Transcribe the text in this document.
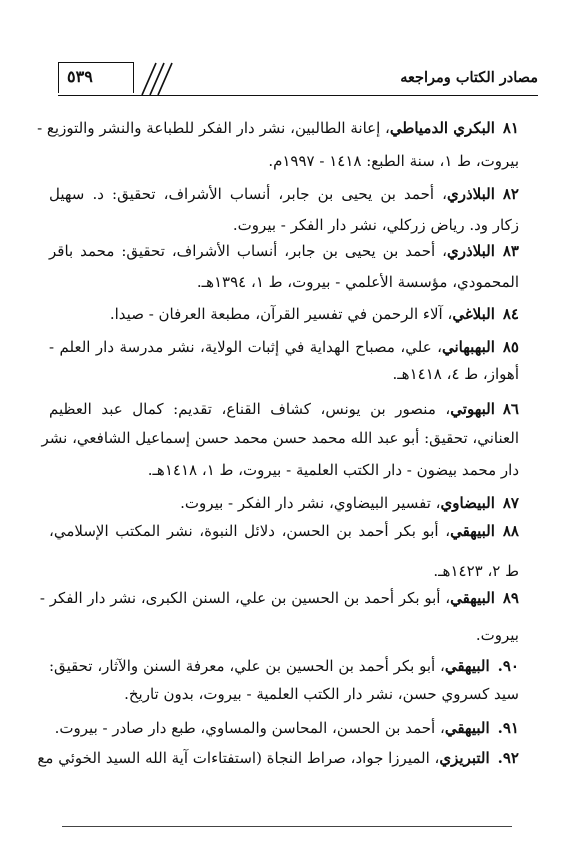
٥٣٩	مصادر الكتاب ومراجعه
٨١البكري الدمياطي، إعانة الطالبين، نشر دار الفكر للطباعة والنشر والتوزيع -
بيروت، ط ١، سنة الطبع: ١٤١٨ - ١٩٩٧م.
٨٢البلاذري، أحمد بن يحيى بن جابر، أنساب الأشراف، تحقيق: د. سهيل
زكار ود. رياض زركلي، نشر دار الفكر - بيروت.
٨٣البلاذري، أحمد بن يحيى بن جابر، أنساب الأشراف، تحقيق: محمد باقر
المحمودي، مؤسسة الأعلمي - بيروت، ط ١، ١٣٩٤هـ.
٨٤البلاغي، آلاء الرحمن في تفسير القرآن، مطبعة العرفان - صيدا.
٨٥البهبهاني، علي، مصباح الهداية في إثبات الولاية، نشر مدرسة دار العلم -
أهواز، ط ٤، ١٤١٨هـ.
٨٦البهوتي، منصور بن يونس، كشاف القناع، تقديم: كمال عبد العظيم
العناني، تحقيق: أبو عبد الله محمد حسن محمد حسن إسماعيل الشافعي، نشر
دار محمد بيضون - دار الكتب العلمية - بيروت، ط ١، ١٤١٨هـ.
٨٧البيضاوي، تفسير البيضاوي، نشر دار الفكر - بيروت.
٨٨البيهقي، أبو بكر أحمد بن الحسن، دلائل النبوة، نشر المكتب الإسلامي،
ط ٢، ١٤٢٣هـ.
٨٩البيهقي، أبو بكر أحمد بن الحسين بن علي، السنن الكبرى، نشر دار الفكر -
بيروت.
٩٠.البيهقي، أبو بكر أحمد بن الحسين بن علي، معرفة السنن والآثار، تحقيق:
سيد كسروي حسن، نشر دار الكتب العلمية - بيروت، بدون تاريخ.
٩١.البيهقي، أحمد بن الحسن، المحاسن والمساوي، طبع دار صادر - بيروت.
٩٢.التبريزي، الميرزا جواد، صراط النجاة (استفتاءات آية الله السيد الخوئي مع
